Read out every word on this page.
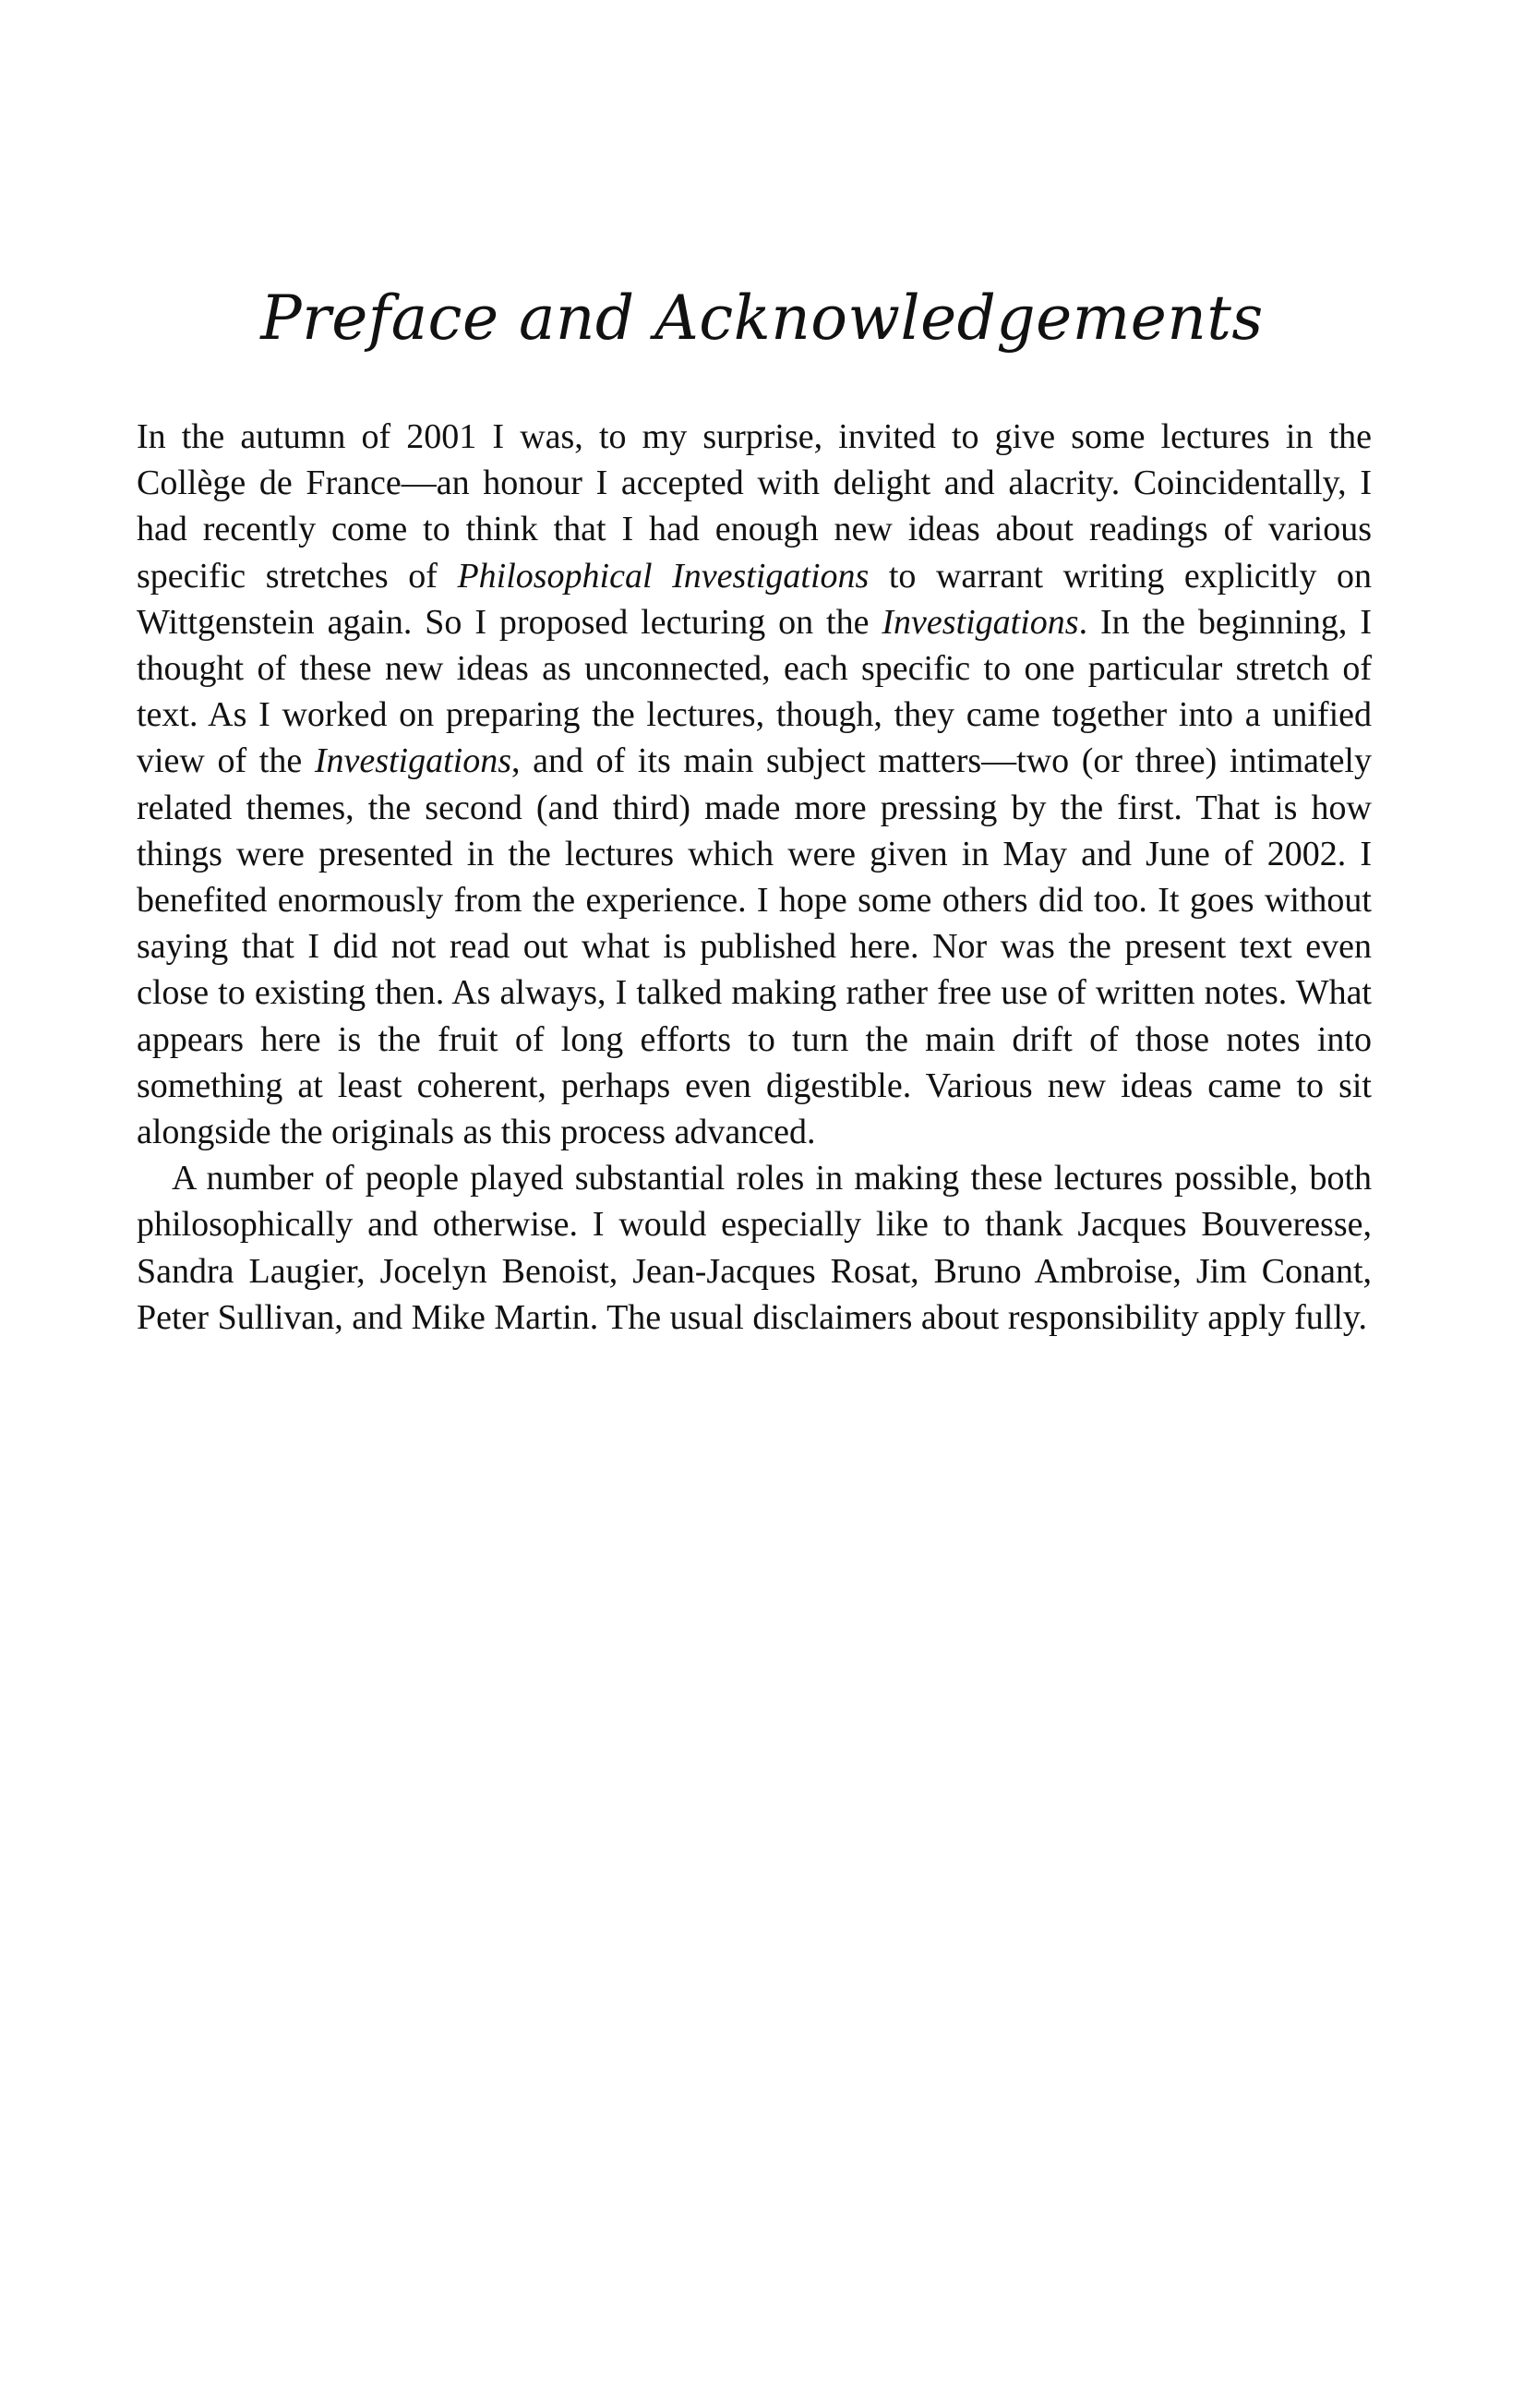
Preface and Acknowledgements

In the autumn of 2001 I was, to my surprise, invited to give some lectures in the Collège de France—an honour I accepted with delight and alacrity. Coincidentally, I had recently come to think that I had enough new ideas about readings of various specific stretches of Philosophical Investigations to warrant writing explicitly on Wittgenstein again. So I proposed lecturing on the Investigations. In the beginning, I thought of these new ideas as unconnected, each specific to one particular stretch of text. As I worked on preparing the lectures, though, they came together into a unified view of the Investigations, and of its main subject matters—two (or three) intimately related themes, the second (and third) made more pressing by the first. That is how things were presented in the lectures which were given in May and June of 2002. I benefited enormously from the experience. I hope some others did too. It goes without saying that I did not read out what is published here. Nor was the present text even close to existing then. As always, I talked making rather free use of written notes. What appears here is the fruit of long efforts to turn the main drift of those notes into something at least coherent, perhaps even digestible. Various new ideas came to sit alongside the originals as this process advanced.

A number of people played substantial roles in making these lectures possible, both philosophically and otherwise. I would especially like to thank Jacques Bouveresse, Sandra Laugier, Jocelyn Benoist, Jean-Jacques Rosat, Bruno Ambroise, Jim Conant, Peter Sullivan, and Mike Martin. The usual disclaimers about responsibility apply fully.
